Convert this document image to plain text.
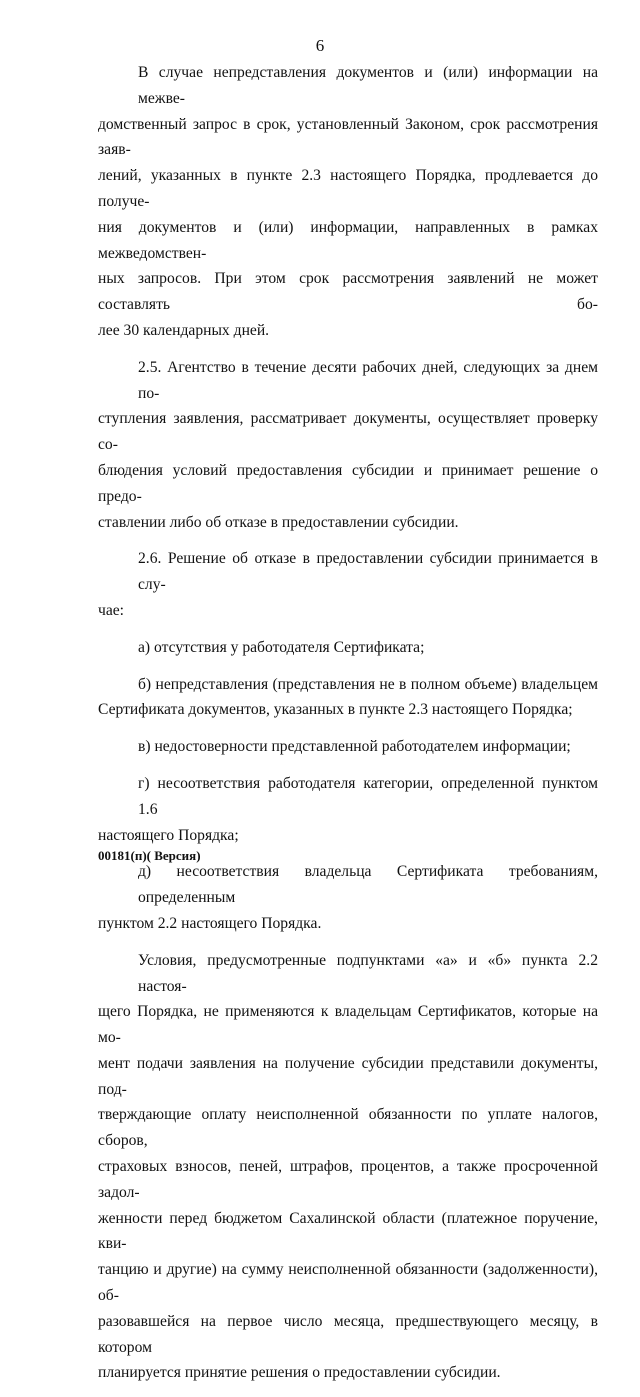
6
В случае непредставления документов и (или) информации на межве-
домственный запрос в срок, установленный Законом, срок рассмотрения заяв-
лений, указанных в пункте 2.3 настоящего Порядка, продлевается до получе-
ния документов и (или) информации, направленных в рамках межведомствен-
ных запросов. При этом срок рассмотрения заявлений не может составлять бо-
лее 30 календарных дней.
2.5. Агентство в течение десяти рабочих дней, следующих за днем по-
ступления заявления, рассматривает документы, осуществляет проверку со-
блюдения условий предоставления субсидии и принимает решение о предо-
ставлении либо об отказе в предоставлении субсидии.
2.6. Решение об отказе в предоставлении субсидии принимается в слу-
чае:
а) отсутствия у работодателя Сертификата;
б) непредставления (представления не в полном объеме) владельцем
Сертификата документов, указанных в пункте 2.3 настоящего Порядка;
в) недостоверности представленной работодателем информации;
г) несоответствия работодателя категории, определенной пунктом 1.6
настоящего Порядка;
д) несоответствия владельца Сертификата требованиям, определенным
пунктом 2.2 настоящего Порядка.
Условия, предусмотренные подпунктами «а» и «б» пункта 2.2 настоя-
щего Порядка, не применяются к владельцам Сертификатов, которые на мо-
мент подачи заявления на получение субсидии представили документы, под-
тверждающие оплату неисполненной обязанности по уплате налогов, сборов,
страховых взносов, пеней, штрафов, процентов, а также просроченной задол-
женности перед бюджетом Сахалинской области (платежное поручение, кви-
танцию и другие) на сумму неисполненной обязанности (задолженности), об-
разовавшейся на первое число месяца, предшествующего месяцу, в котором
планируется принятие решения о предоставлении субсидии.
00181(п)( Версия)
